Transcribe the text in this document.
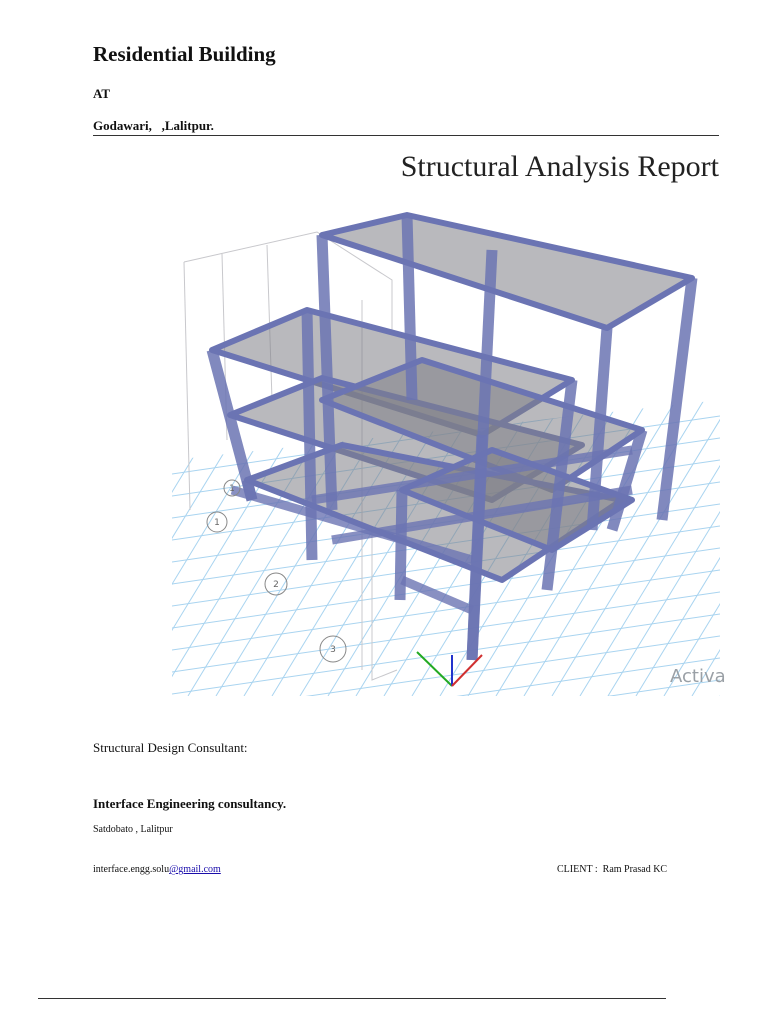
Residential Building
AT
Godawari,   ,Lalitpur.
Structural Analysis Report
1
1
2
3
Activa
Structural Design Consultant:
Interface Engineering consultancy.
Satdobato , Lalitpur
interface.engg.solu@gmail.com	CLIENT :  Ram Prasad KC
